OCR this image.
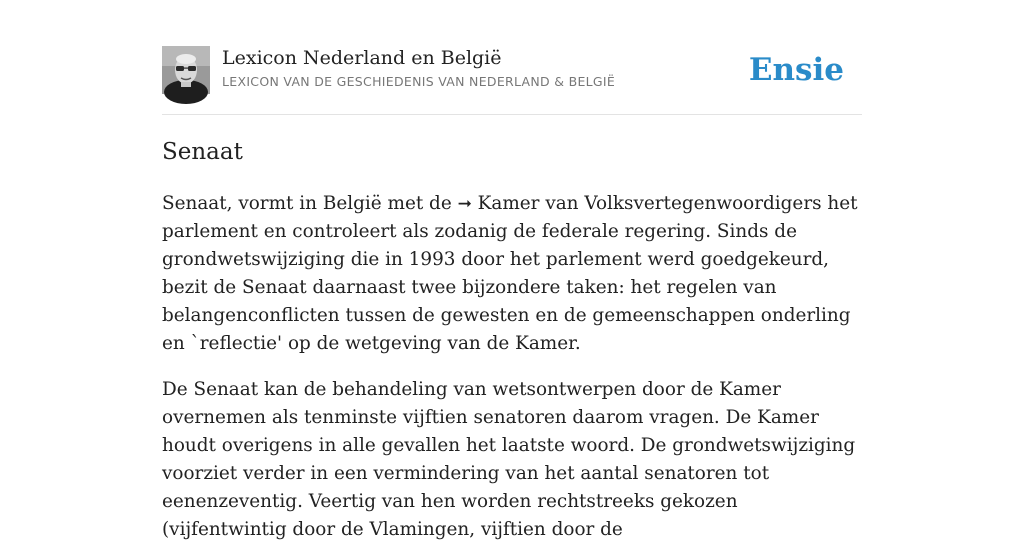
Lexicon Nederland en België
LEXICON VAN DE GESCHIEDENIS VAN NEDERLAND & BELGIË	Ensie
Senaat

Senaat, vormt in België met de ➞ Kamer van Volksvertegenwoordigers het parlement en controleert als zodanig de federale regering. Sinds de grondwetswijziging die in 1993 door het parlement werd goedgekeurd, bezit de Senaat daarnaast twee bijzondere taken: het regelen van belangenconflicten tussen de gewesten en de gemeenschappen onderling en `reflectie' op de wetgeving van de Kamer.

De Senaat kan de behandeling van wetsontwerpen door de Kamer overnemen als tenminste vijftien senatoren daarom vragen. De Kamer houdt overigens in alle gevallen het laatste woord. De grondwetswijziging voorziet verder in een vermindering van het aantal senatoren tot eenenzeventig. Veertig van hen worden rechtstreeks gekozen (vijfentwintig door de Vlamingen, vijftien door de
